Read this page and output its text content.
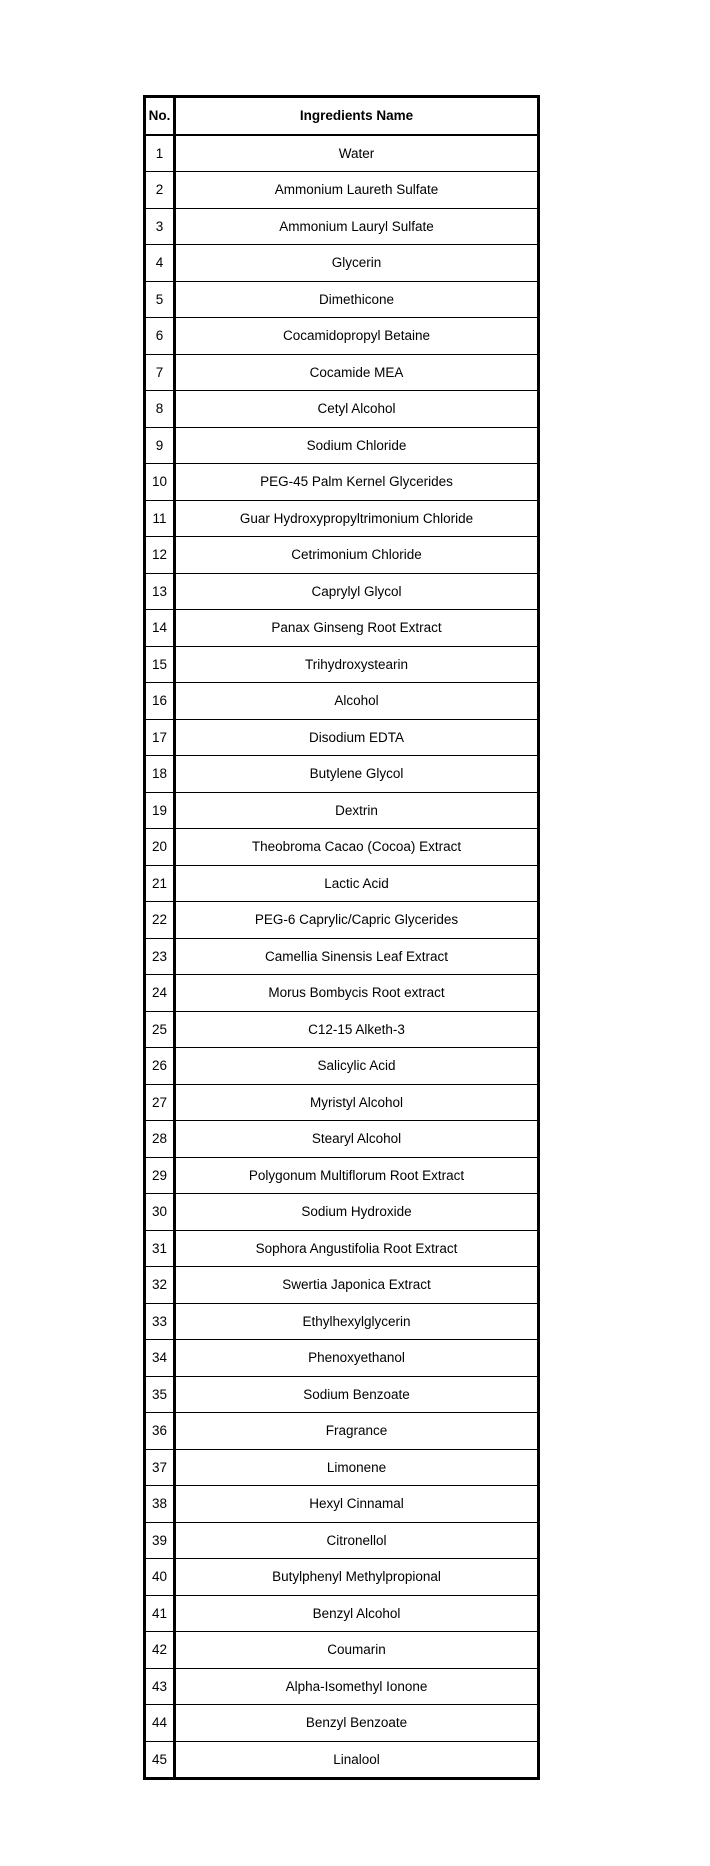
No.	Ingredients Name
1	Water
2	Ammonium Laureth Sulfate
3	Ammonium Lauryl Sulfate
4	Glycerin
5	Dimethicone
6	Cocamidopropyl Betaine
7	Cocamide MEA
8	Cetyl Alcohol
9	Sodium Chloride
10	PEG-45 Palm Kernel Glycerides
11	Guar Hydroxypropyltrimonium Chloride
12	Cetrimonium Chloride
13	Caprylyl Glycol
14	Panax Ginseng Root Extract
15	Trihydroxystearin
16	Alcohol
17	Disodium EDTA
18	Butylene Glycol
19	Dextrin
20	Theobroma Cacao (Cocoa) Extract
21	Lactic Acid
22	PEG-6 Caprylic/Capric Glycerides
23	Camellia Sinensis Leaf Extract
24	Morus Bombycis Root extract
25	C12-15 Alketh-3
26	Salicylic Acid
27	Myristyl Alcohol
28	Stearyl Alcohol
29	Polygonum Multiflorum Root Extract
30	Sodium Hydroxide
31	Sophora Angustifolia Root Extract
32	Swertia Japonica Extract
33	Ethylhexylglycerin
34	Phenoxyethanol
35	Sodium Benzoate
36	Fragrance
37	Limonene
38	Hexyl Cinnamal
39	Citronellol
40	Butylphenyl Methylpropional
41	Benzyl Alcohol
42	Coumarin
43	Alpha-Isomethyl Ionone
44	Benzyl Benzoate
45	Linalool
